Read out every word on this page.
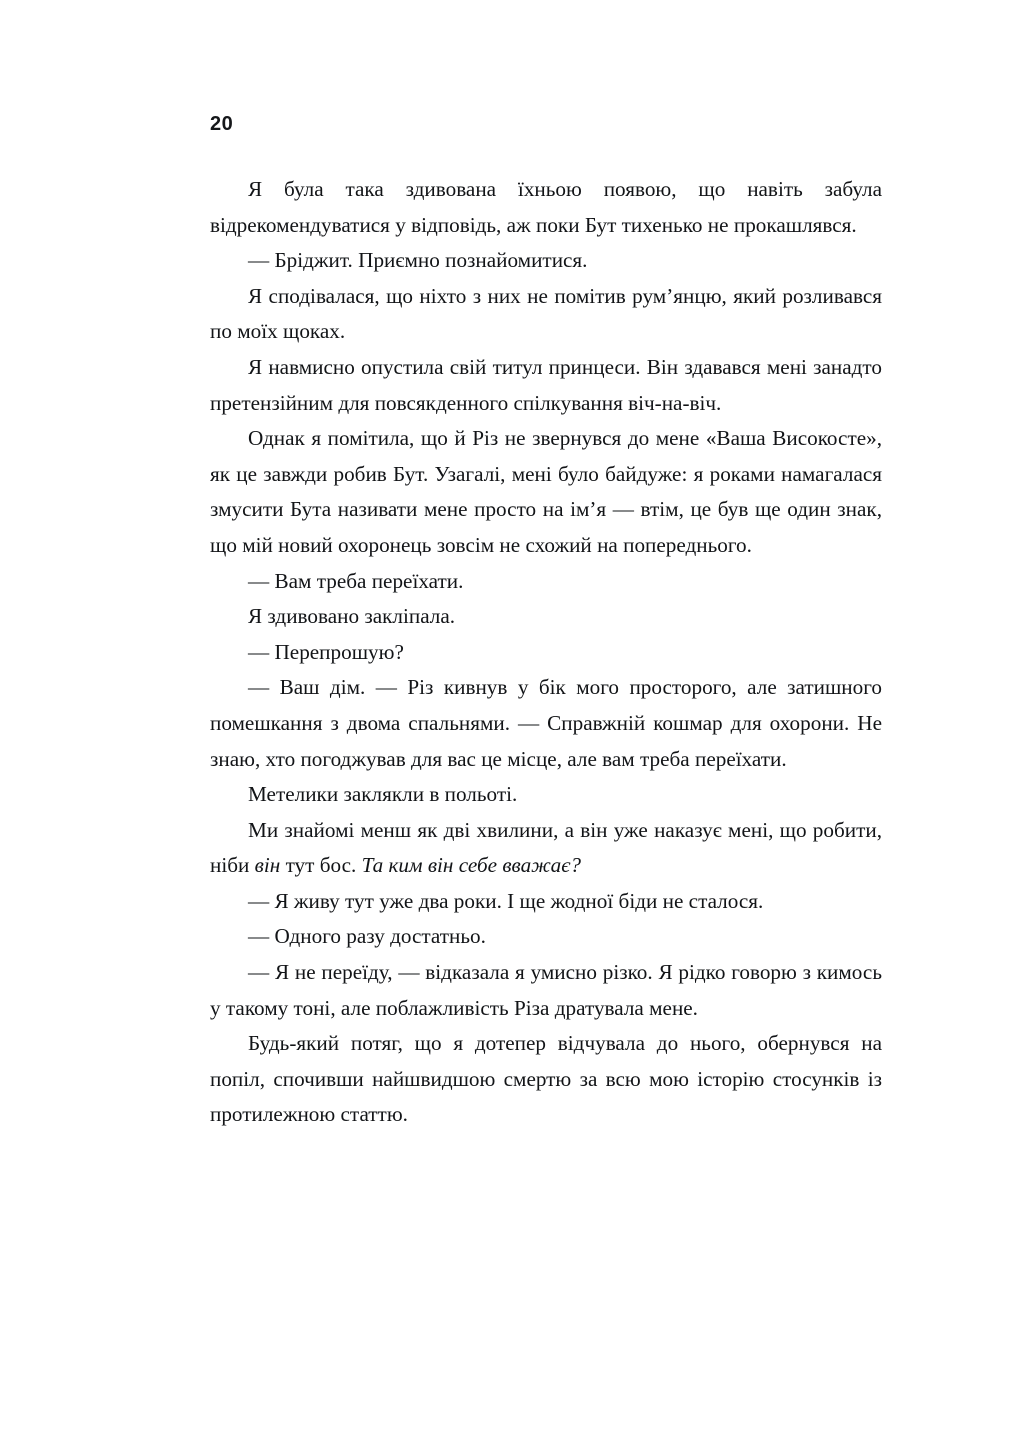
20

Я була така здивована їхньою появою, що навіть забула відрекомендуватися у відповідь, аж поки Бут тихенько не прокашлявся.

— Бріджит. Приємно познайомитися.

Я сподівалася, що ніхто з них не помітив рум’янцю, який розливався по моїх щоках.

Я навмисно опустила свій титул принцеси. Він здавався мені занадто претензійним для повсякденного спілкування віч-на-віч.

Однак я помітила, що й Різ не звернувся до мене «Ваша Високосте», як це завжди робив Бут. Узагалі, мені було байдуже: я роками намагалася змусити Бута називати мене просто на ім’я — втім, це був ще один знак, що мій новий охоронець зовсім не схожий на попереднього.

— Вам треба переїхати.

Я здивовано закліпала.

— Перепрошую?

— Ваш дім. — Різ кивнув у бік мого просторого, але затишного помешкання з двома спальнями. — Справжній кошмар для охорони. Не знаю, хто погоджував для вас це місце, але вам треба переїхати.

Метелики заклякли в польоті.

Ми знайомі менш як дві хвилини, а він уже наказує мені, що робити, ніби він тут бос. Та ким він себе вважає?

— Я живу тут уже два роки. І ще жодної біди не сталося.

— Одного разу достатньо.

— Я не переїду, — відказала я умисно різко. Я рідко говорю з кимось у такому тоні, але поблажливість Різа дратувала мене.

Будь-який потяг, що я дотепер відчувала до нього, обернувся на попіл, спочивши найшвидшою смертю за всю мою історію стосунків із протилежною статтю.
